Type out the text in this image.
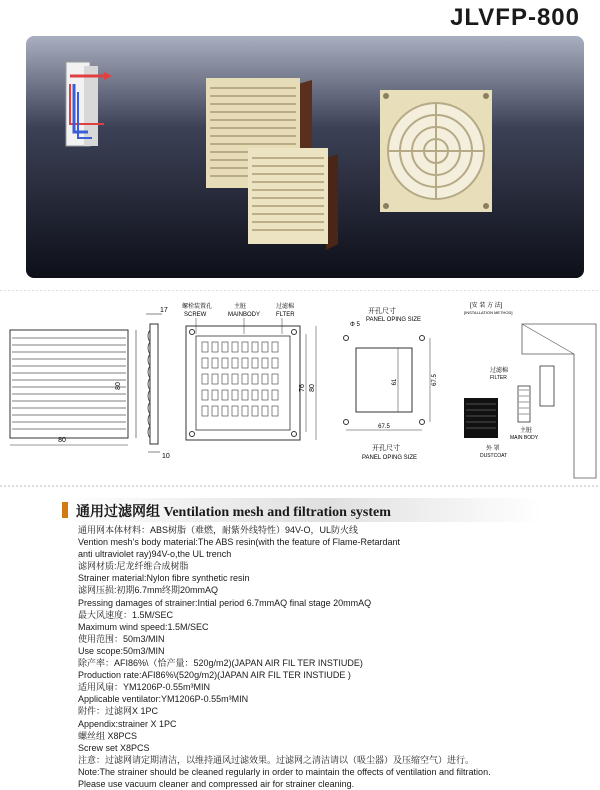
JLVFP-800
80
80
17
10
螺栓装置孔
SCREW
主脏
MAINBODY
过滤棉
FLTER
76 80
开孔尺寸
PANEL OPING SIZE
Φ 5
61	67.5
67.5
开孔尺寸
PANEL OPING SIZE
[安 装 方 法]
[INSTALLATION METHOD]
过滤棉
FILTER
主脏
MAIN BODY
外 罩
DUSTCOAT
通用过滤网组 Ventilation mesh and filtration system
通用网本体材料：ABS树脂（难燃，耐紫外线特性）94V-O，UL防火线
Vention mesh’s body material:The ABS resin(with the feature of Flame-Retardant
anti ultraviolet ray)94V-o,the UL trench
滤网材质:尼龙纤维合成树脂
Strainer material:Nylon fibre synthetic resin
滤网压损:初期6.7mm终期20mmAQ
Pressing damages of strainer:Intial period 6.7mmAQ final stage 20mmAQ
最大风速度：1.5M/SEC
Maximum wind speed:1.5M/SEC
使用范围：50m3/MIN
Use scope:50m3/MIN
除产率：AFI86%\（恰产量：520g/m2)(JAPAN AIR FIL TER INSTIUDE)
Production rate:AFI86%\(520g/m2)(JAPAN AIR FIL TER INSTIUDE )
适用风扇：YM1206P-0.55m³MIN
Applicable ventilator:YM1206P-0.55m³MIN
附件：过滤网X 1PC
Appendix:strainer X 1PC
螺丝组 X8PCS
Screw set X8PCS
注意：过滤网请定期清洁，以维持通风过滤效果。过滤网之清洁请以（吸尘器）及压缩空气）进行。
Note:The strainer should be cleaned regularly in order to maintain the offects of ventilation and filtration.
Please use vacuum cleaner and compressed air for strainer cleaning.
